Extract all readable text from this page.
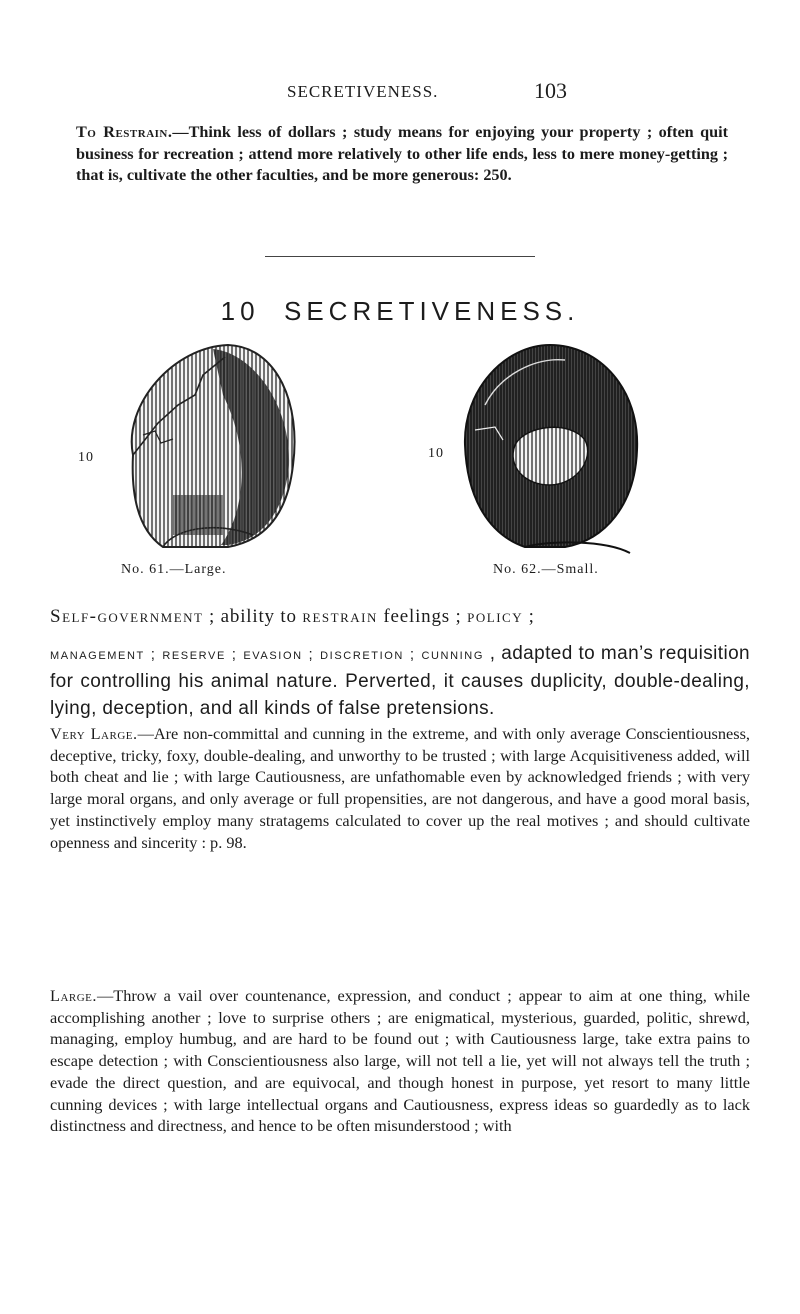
SECRETIVENESS.	103

To Restrain.—Think less of dollars ; study means for enjoying your property ; often quit business for recreation ; attend more relatively to other life ends, less to mere money-getting ; that is, cultivate the other faculties, and be more generous: 250.

10 SECRETIVENESS.
10
No. 61.—Large.
10
No. 62.—Small.

Self-government ; ability to restrain feelings ; policy ;

management ; reserve ; evasion ; discretion ; cunning , adapted to man’s requisition for controlling his animal nature. Perverted, it causes duplicity, double-dealing, lying, deception, and all kinds of false pretensions.

Very Large.—Are non-committal and cunning in the extreme, and with only average Conscientiousness, deceptive, tricky, foxy, double-dealing, and unworthy to be trusted ; with large Acquisitiveness added, will both cheat and lie ; with large Cautiousness, are unfathomable even by acknowledged friends ; with very large moral organs, and only average or full propensities, are not dangerous, and have a good moral basis, yet instinctively employ many stratagems calculated to cover up the real motives ; and should cultivate openness and sincerity : p. 98.

Large.—Throw a vail over countenance, expression, and conduct ; appear to aim at one thing, while accomplishing another ; love to surprise others ; are enigmatical, mysterious, guarded, politic, shrewd, managing, employ humbug, and are hard to be found out ; with Cautiousness large, take extra pains to escape detection ; with Conscientiousness also large, will not tell a lie, yet will not always tell the truth ; evade the direct question, and are equivocal, and though honest in purpose, yet resort to many little cunning devices ; with large intellectual organs and Cautiousness, express ideas so guardedly as to lack distinctness and directness, and hence to be often misunderstood ; with
